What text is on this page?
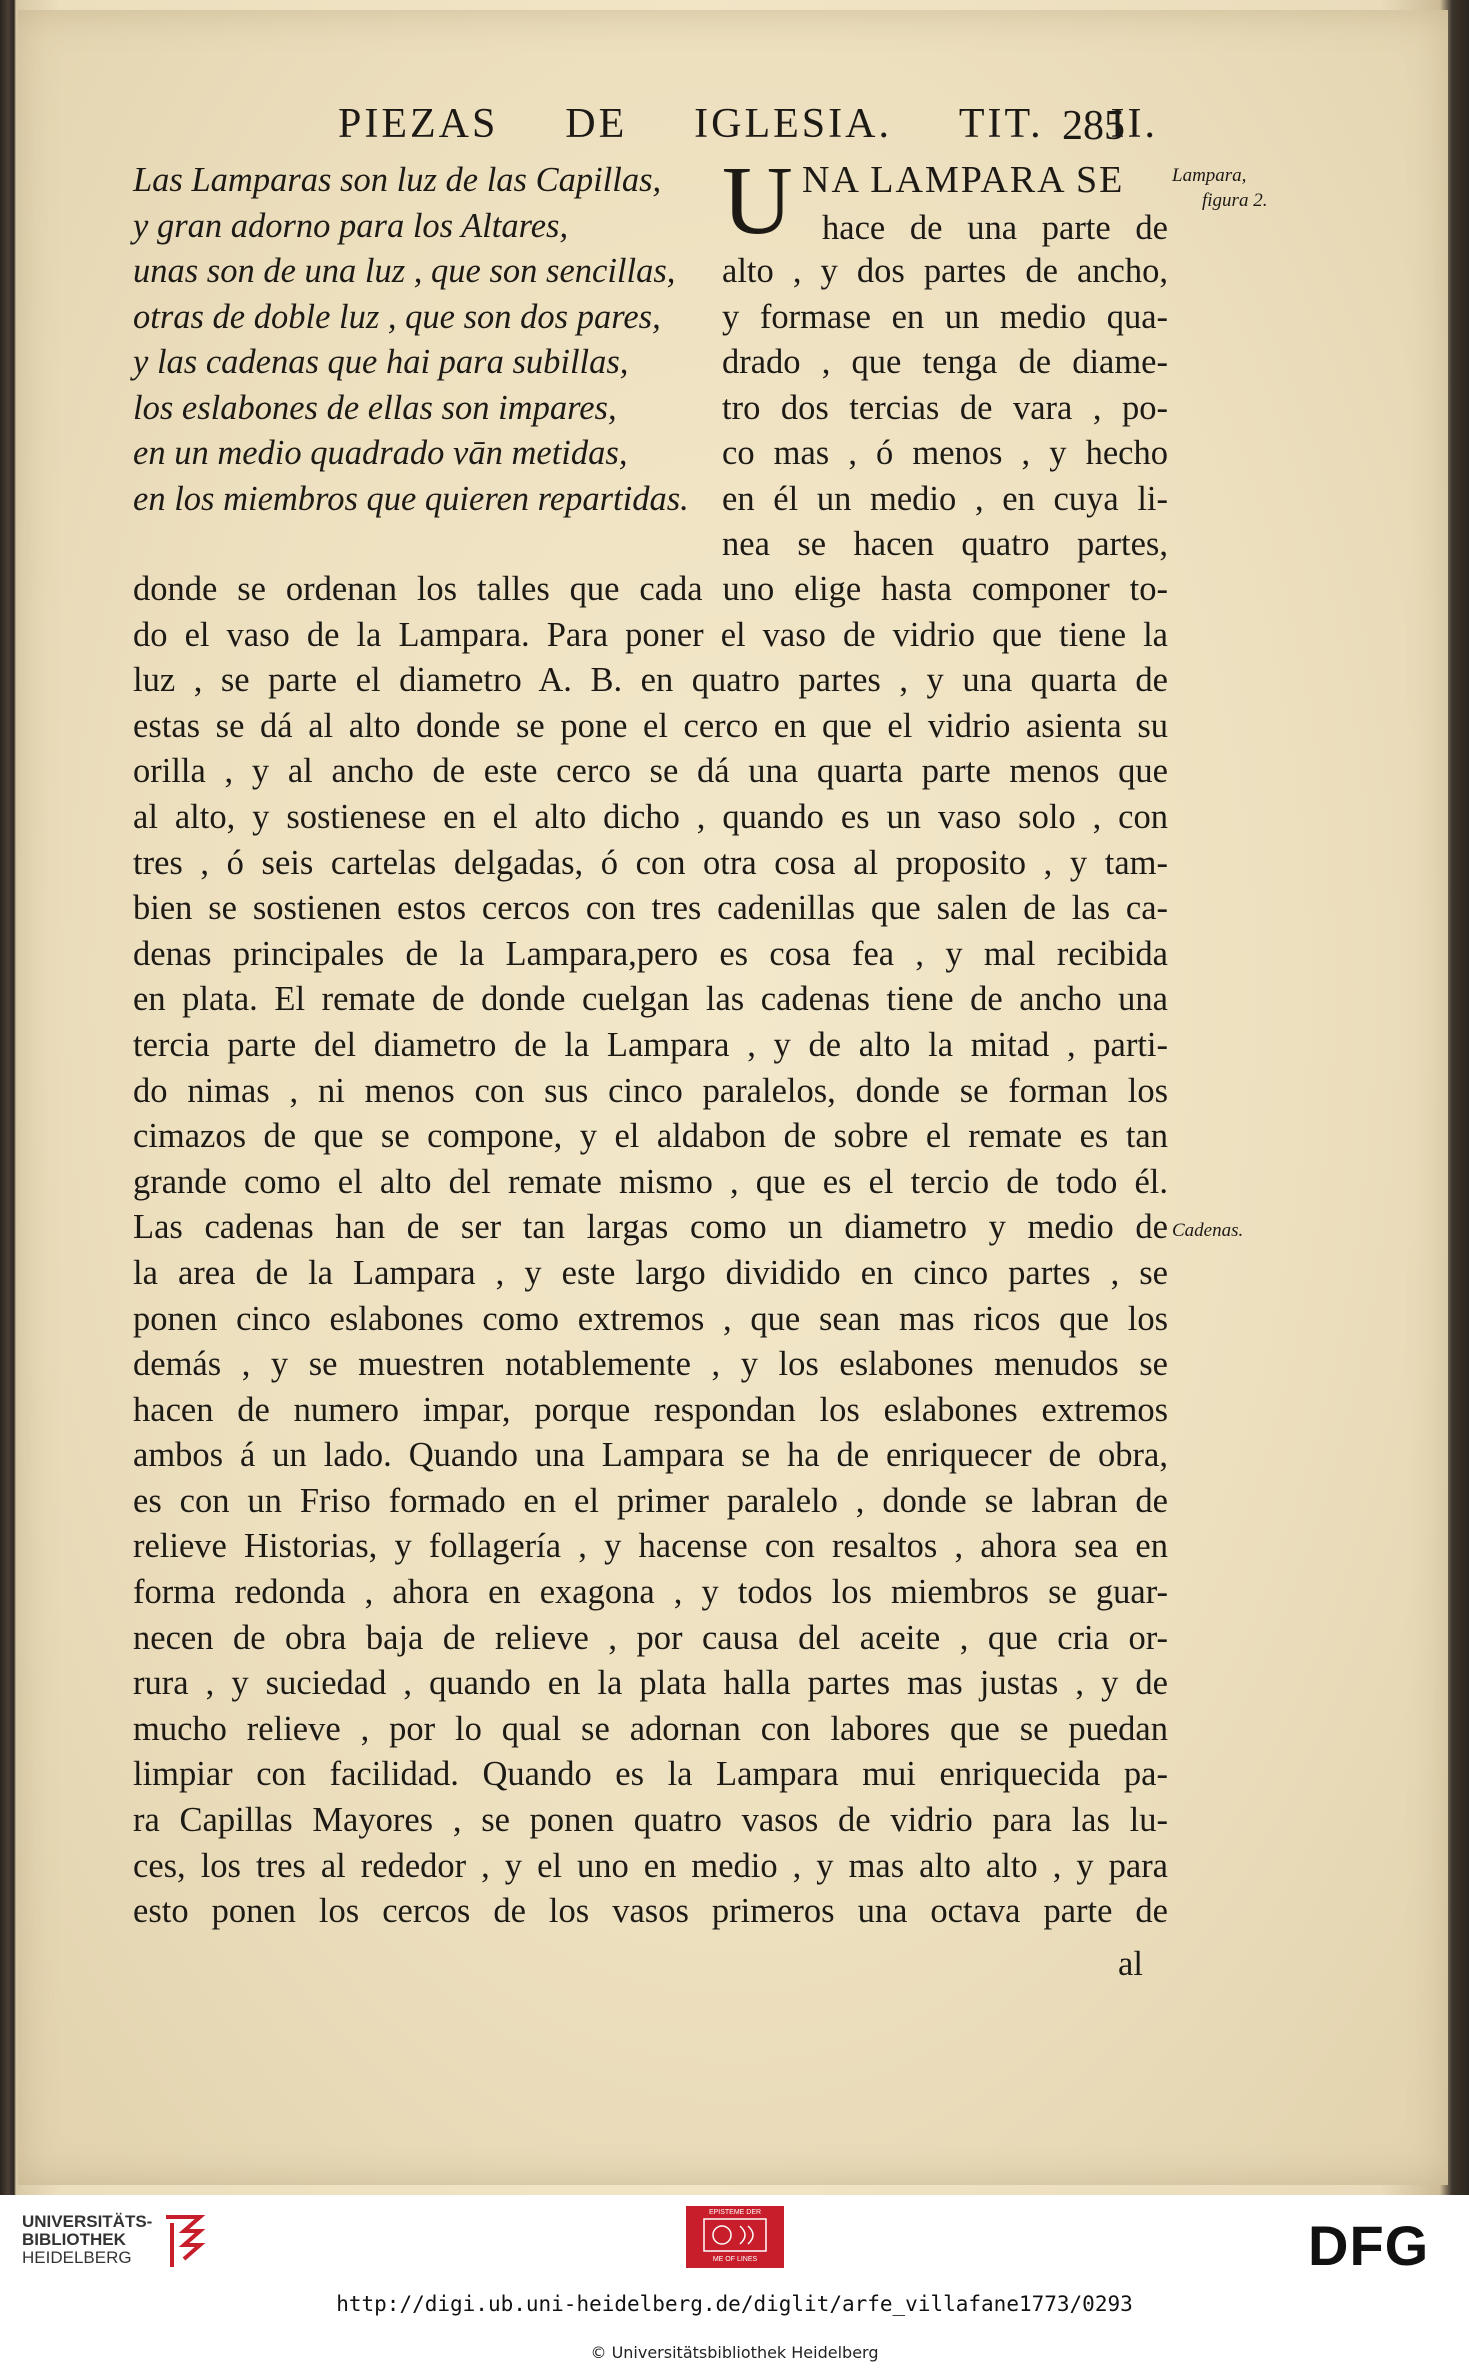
PIEZAS DE IGLESIA. TIT. II.
285
Lampara,
figura 2.
Cadenas.
Las Lamparas son luz de las Capillas,
y gran adorno para los Altares,
unas son de una luz , que son sencillas,
otras de doble luz , que son dos pares,
y las cadenas que hai para subillas,
los eslabones de ellas son impares,
en un medio quadrado vān metidas,
en los miembros que quieren repartidas.
U NA LAMPARA SE
hace de una parte de
alto , y dos partes de ancho,
y formase en un medio qua-
drado , que tenga de diame-
tro dos tercias de vara , po-
co mas , ó menos , y hecho
en él un medio , en cuya li-
nea se hacen quatro partes,
donde se ordenan los talles que cada uno elige hasta componer to-
do el vaso de la Lampara. Para poner el vaso de vidrio que tiene la
luz , se parte el diametro A. B. en quatro partes , y una quarta de
estas se dá al alto donde se pone el cerco en que el vidrio asienta su
orilla , y al ancho de este cerco se dá una quarta parte menos que
al alto, y sostienese en el alto dicho , quando es un vaso solo , con
tres , ó seis cartelas delgadas, ó con otra cosa al proposito , y tam-
bien se sostienen estos cercos con tres cadenillas que salen de las ca-
denas principales de la Lampara,pero es cosa fea , y mal recibida
en plata. El remate de donde cuelgan las cadenas tiene de ancho una
tercia parte del diametro de la Lampara , y de alto la mitad , parti-
do nimas , ni menos con sus cinco paralelos, donde se forman los
cimazos de que se compone, y el aldabon de sobre el remate es tan
grande como el alto del remate mismo , que es el tercio de todo él.
Las cadenas han de ser tan largas como un diametro y medio de
la area de la Lampara , y este largo dividido en cinco partes , se
ponen cinco eslabones como extremos , que sean mas ricos que los
demás , y se muestren notablemente , y los eslabones menudos se
hacen de numero impar, porque respondan los eslabones extremos
ambos á un lado. Quando una Lampara se ha de enriquecer de obra,
es con un Friso formado en el primer paralelo , donde se labran de
relieve Historias, y follagería , y hacense con resaltos , ahora sea en
forma redonda , ahora en exagona , y todos los miembros se guar-
necen de obra baja de relieve , por causa del aceite , que cria or-
rura , y suciedad , quando en la plata halla partes mas justas , y de
mucho relieve , por lo qual se adornan con labores que se puedan
limpiar con facilidad. Quando es la Lampara mui enriquecida pa-
ra Capillas Mayores , se ponen quatro vasos de vidrio para las lu-
ces, los tres al rededor , y el uno en medio , y mas alto alto , y para
esto ponen los cercos de los vasos primeros una octava parte de
al
UNIVERSITÄTS-
BIBLIOTHEK
HEIDELBERG
EPISTEME DER
ME OF LINES	DFG
http://digi.ub.uni-heidelberg.de/diglit/arfe_villafane1773/0293
© Universitätsbibliothek Heidelberg
